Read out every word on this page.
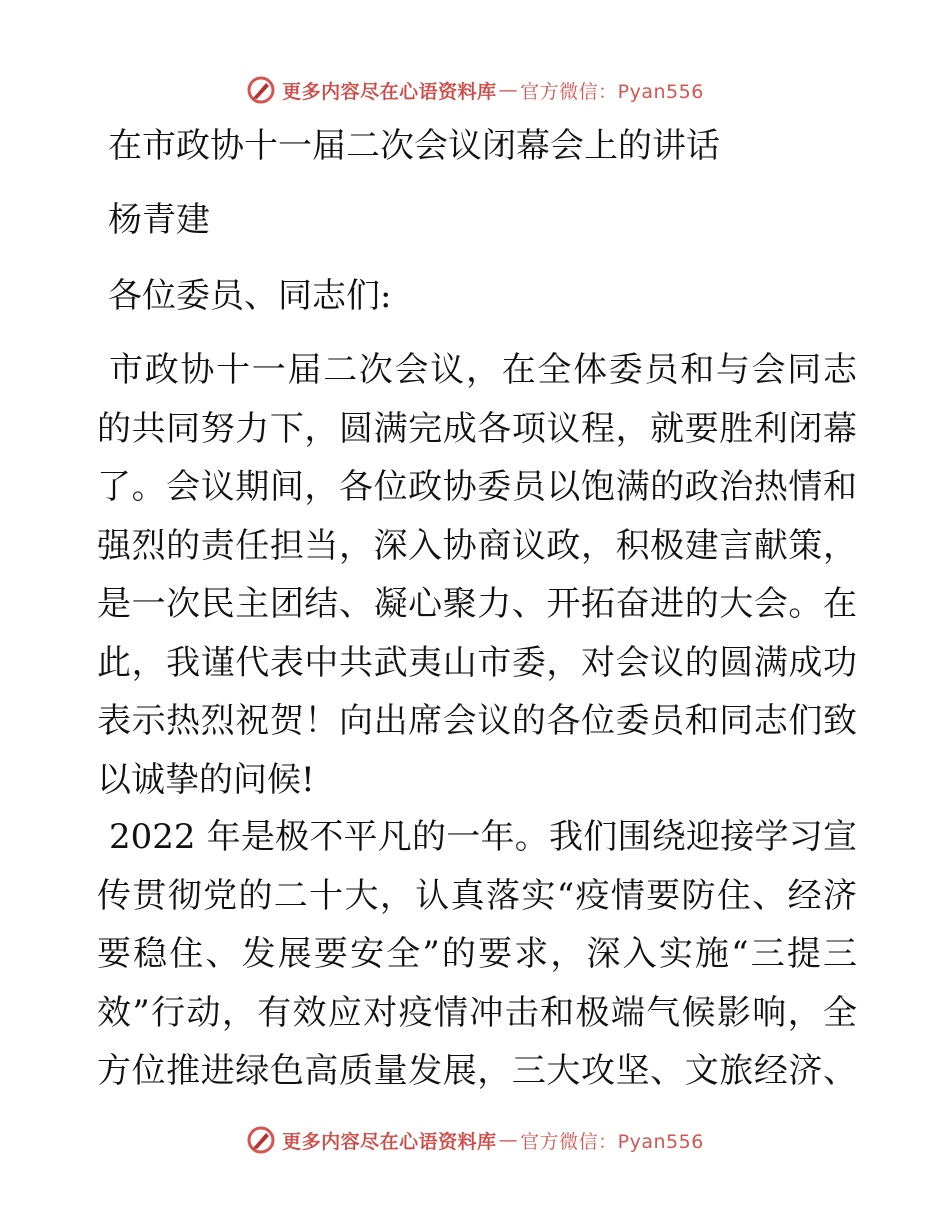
更多内容尽在心语资料库 — 官方微信：Pyan556
在市政协十一届二次会议闭幕会上的讲话
杨青建
各位委员、同志们:
市政协十一届二次会议，在全体委员和与会同志
的共同努力下，圆满完成各项议程，就要胜利闭幕
了。会议期间，各位政协委员以饱满的政治热情和
强烈的责任担当，深入协商议政，积极建言献策，
是一次民主团结、凝心聚力、开拓奋进的大会。在
此，我谨代表中共武夷山市委，对会议的圆满成功
表示热烈祝贺！向出席会议的各位委员和同志们致
以诚挚的问候!
2022 年是极不平凡的一年。我们围绕迎接学习宣
传贯彻党的二十大，认真落实“疫情要防住、经济
要稳住、发展要安全”的要求，深入实施“三提三
效”行动，有效应对疫情冲击和极端气候影响，全
方位推进绿色高质量发展，三大攻坚、文旅经济、
更多内容尽在心语资料库 — 官方微信：Pyan556
